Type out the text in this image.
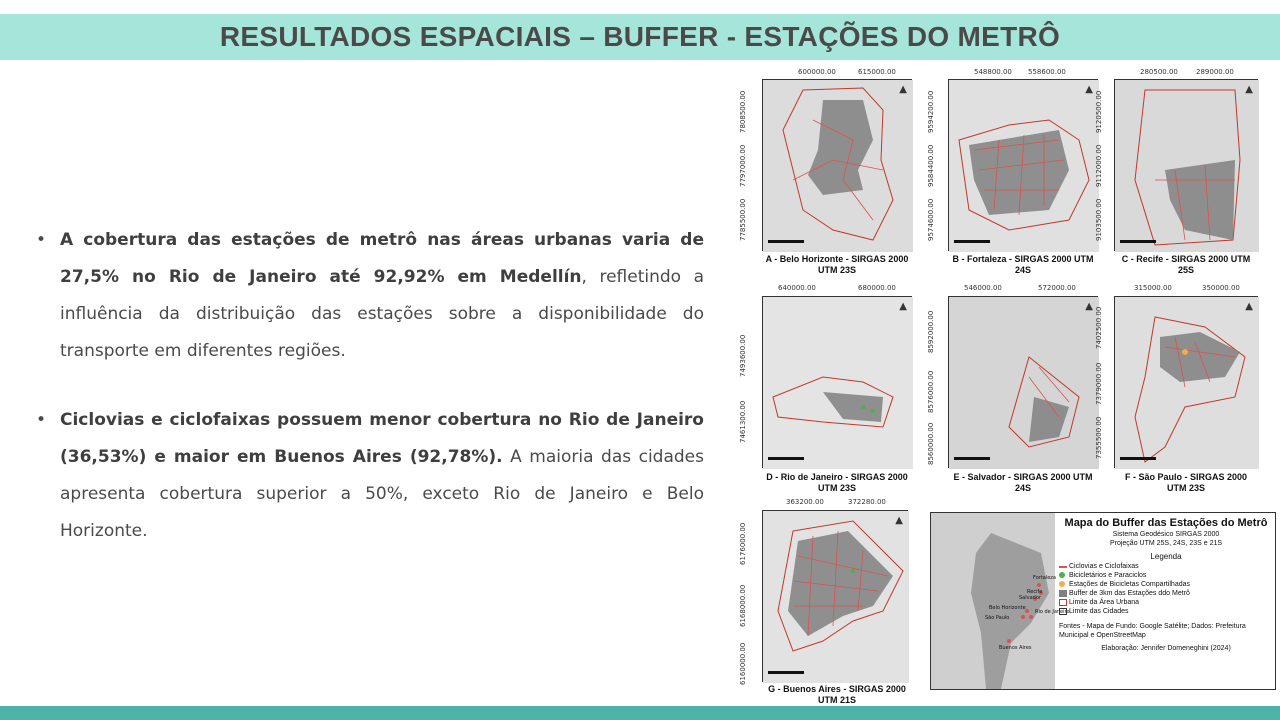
RESULTADOS ESPACIAIS – BUFFER - ESTAÇÕES DO METRÔ
• A cobertura das estações de metrô nas áreas urbanas varia de 27,5% no Rio de Janeiro até 92,92% em Medellín, refletindo a influência da distribuição das estações sobre a disponibilidade do transporte em diferentes regiões.
• Ciclovias e ciclofaixas possuem menor cobertura no Rio de Janeiro (36,53%) e maior em Buenos Aires (92,78%). A maioria das cidades apresenta cobertura superior a 50%, exceto Rio de Janeiro e Belo Horizonte.
600000.00	615000.00
7808500.00
7797000.00
7785500.00
▲
A - Belo Horizonte - SIRGAS 2000 UTM 23S
548800.00 558600.00
9594200.00
9584400.00
9574600.00
▲
B - Fortaleza - SIRGAS 2000 UTM 24S
280500.00	289000.00
9120500.00
9112000.00
9103500.00
▲
C - Recife - SIRGAS 2000 UTM 25S
640000.00	680000.00
7493600.00
7461300.00
▲
D - Rio de Janeiro - SIRGAS 2000 UTM 23S
546000.00	572000.00
8592000.00
8576000.00
8560000.00
▲
E - Salvador - SIRGAS 2000 UTM 24S
315000.00	350000.00
7402500.00
7379000.00
7355500.00
▲
F - São Paulo - SIRGAS 2000 UTM 23S
363200.00	372280.00
6176000.00
6168000.00
6160000.00
▲
G - Buenos Aires - SIRGAS 2000 UTM 21S
Fortaleza
Recife
Salvador
Belo Horizonte
Rio de Janeiro
São Paulo
Buenos Aires
Mapa do Buffer das Estações do Metrô
Sistema Geodésico SIRGAS 2000
Projeção UTM 25S, 24S, 23S e 21S
Legenda
Ciclovias e Ciclofaixas
Bicicletários e Paraciclos
Estações de Bicicletas Compartilhadas
Buffer de 3km das Estações ddo Metrô
Limite da Área Urbana
Limite das Cidades
Fontes - Mapa de Fundo: Google Satélite; Dados: Prefeitura Municipal e OpenStreetMap
Elaboração: Jennifer Domeneghini (2024)
